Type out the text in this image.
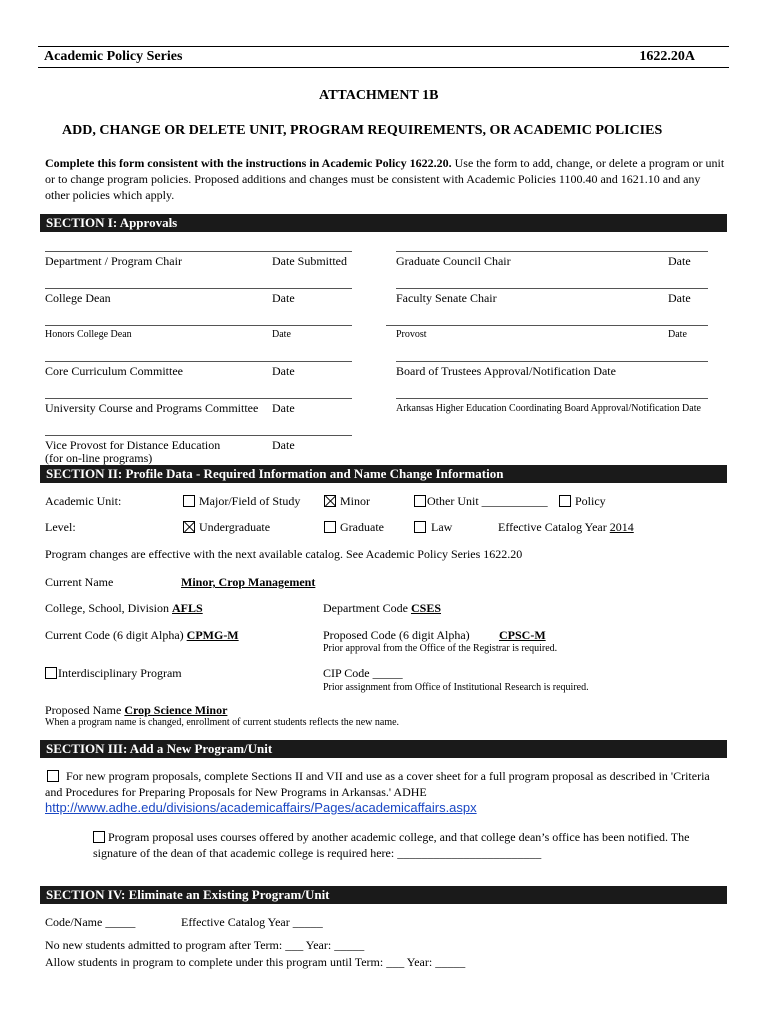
Academic Policy Series	1622.20A
ATTACHMENT 1B
ADD, CHANGE OR DELETE UNIT, PROGRAM REQUIREMENTS, OR ACADEMIC POLICIES
Complete this form consistent with the instructions in Academic Policy 1622.20. Use the form to add, change, or delete a program or unit or to change program policies. Proposed additions and changes must be consistent with Academic Policies 1100.40 and 1621.10 and any other policies which apply.
SECTION I: Approvals
Department / Program Chair	Date Submitted
College Dean	Date
Honors College Dean	Date
Core Curriculum Committee	Date
University Course and Programs Committee Date
Vice Provost for Distance Education
(for on-line programs)
Date
Graduate Council Chair	Date
Faculty Senate Chair	Date
Provost	Date
Board of Trustees Approval/Notification Date
Arkansas Higher Education Coordinating Board Approval/Notification Date
SECTION II: Profile Data - Required Information and Name Change Information
Academic Unit:	Major/Field of Study	Minor	Other Unit ___________ Policy
Level:	Undergraduate	Graduate	Law	Effective Catalog Year 2014
Program changes are effective with the next available catalog. See Academic Policy Series 1622.20
Current Name	Minor, Crop Management
College, School, Division AFLS	Department Code CSES
Current Code (6 digit Alpha) CPMG-M	Proposed Code (6 digit Alpha) CPSC-M
Prior approval from the Office of the Registrar is required.
Interdisciplinary Program	CIP Code _____
Prior assignment from Office of Institutional Research is required.
Proposed Name Crop Science Minor
When a program name is changed, enrollment of current students reflects the new name.
SECTION III: Add a New Program/Unit
For new program proposals, complete Sections II and VII and use as a cover sheet for a full program proposal as described in 'Criteria and Procedures for Preparing Proposals for New Programs in Arkansas.' ADHE
http://www.adhe.edu/divisions/academicaffairs/Pages/academicaffairs.aspx
Program proposal uses courses offered by another academic college, and that college dean’s office has been notified. The signature of the dean of that academic college is required here: ________________________
SECTION IV: Eliminate an Existing Program/Unit
Code/Name _____	Effective Catalog Year _____
No new students admitted to program after Term: ___ Year: _____
Allow students in program to complete under this program until Term: ___ Year: _____
